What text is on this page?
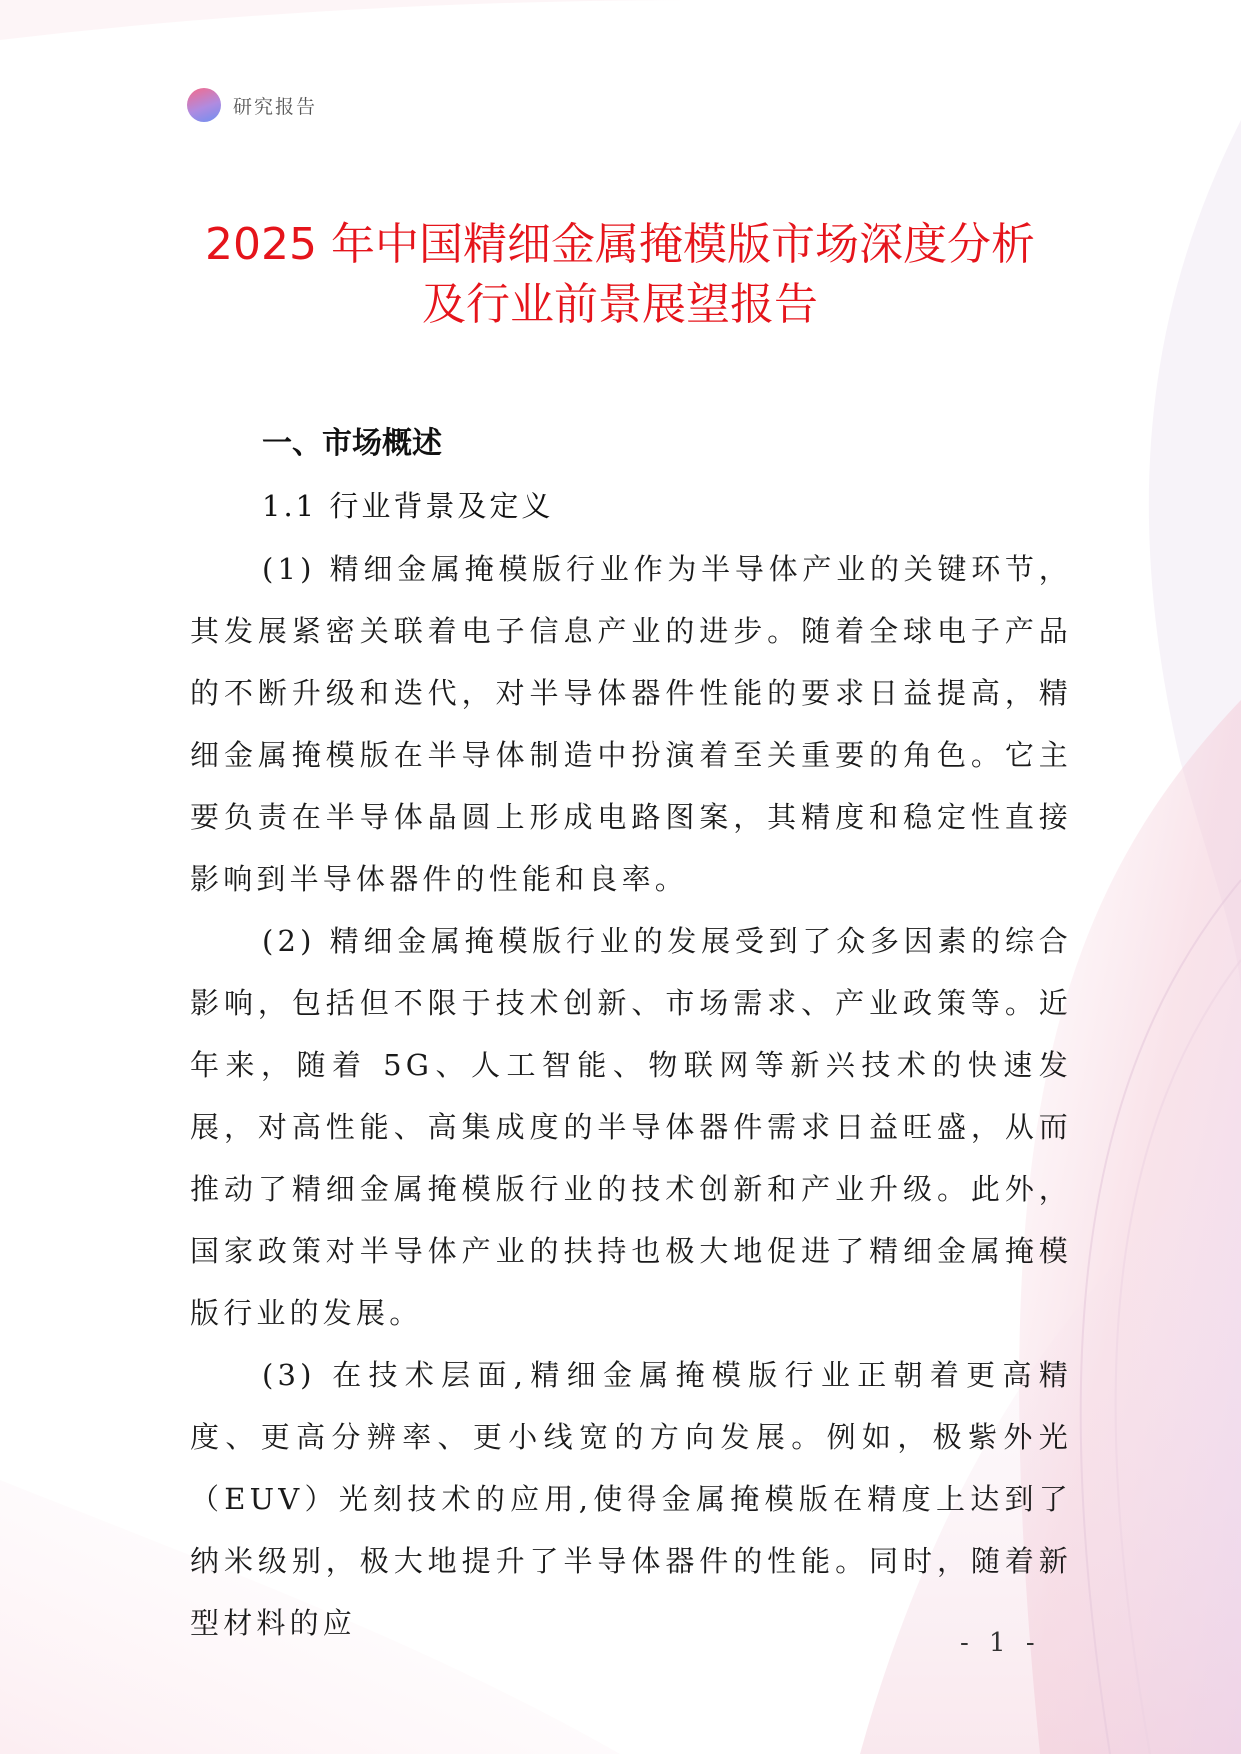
研究报告
2025 年中国精细金属掩模版市场深度分析
及行业前景展望报告
一、市场概述
1.1 行业背景及定义

(1) 精细金属掩模版行业作为半导体产业的关键环节，其发展紧密关联着电子信息产业的进步。随着全球电子产品的不断升级和迭代，对半导体器件性能的要求日益提高，精细金属掩模版在半导体制造中扮演着至关重要的角色。它主要负责在半导体晶圆上形成电路图案，其精度和稳定性直接影响到半导体器件的性能和良率。

(2) 精细金属掩模版行业的发展受到了众多因素的综合影响，包括但不限于技术创新、市场需求、产业政策等。近年来，随着 5G、人工智能、物联网等新兴技术的快速发展，对高性能、高集成度的半导体器件需求日益旺盛，从而推动了精细金属掩模版行业的技术创新和产业升级。此外，国家政策对半导体产业的扶持也极大地促进了精细金属掩模版行业的发展。

(3) 在技术层面,精细金属掩模版行业正朝着更高精度、更高分辨率、更小线宽的方向发展。例如，极紫外光（EUV）光刻技术的应用,使得金属掩模版在精度上达到了纳米级别，极大地提升了半导体器件的性能。同时，随着新型材料的应

- 1 -
